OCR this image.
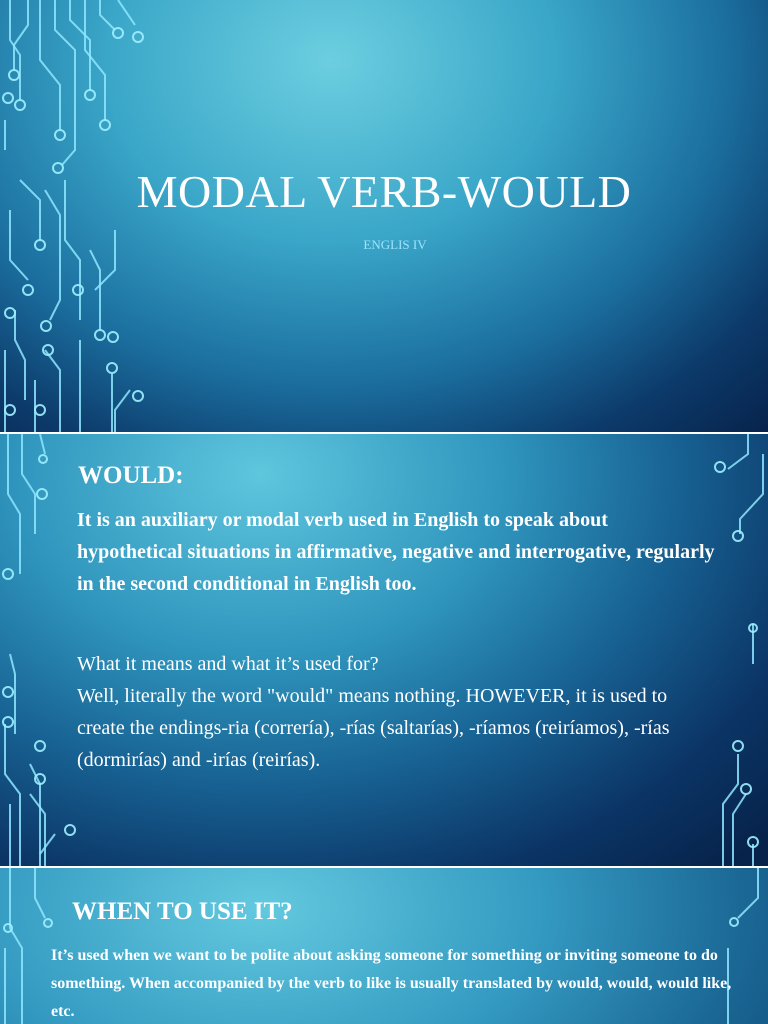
MODAL VERB-WOULD
ENGLIS IV
WOULD:
It is an auxiliary or modal verb used in English to speak about hypothetical situations in affirmative, negative and interrogative, regularly in the second conditional in English too.
What it means and what it’s used for?
Well, literally the word "would" means nothing. HOWEVER, it is used to create the endings-ria (correría), -rías (saltarías), -ríamos (reiríamos), -rías (dormirías) and -irías (reirías).
WHEN TO USE IT?
It’s used when we want to be polite about asking someone for something or inviting someone to do something. When accompanied by the verb to like is usually translated by would, would, would like, etc.
